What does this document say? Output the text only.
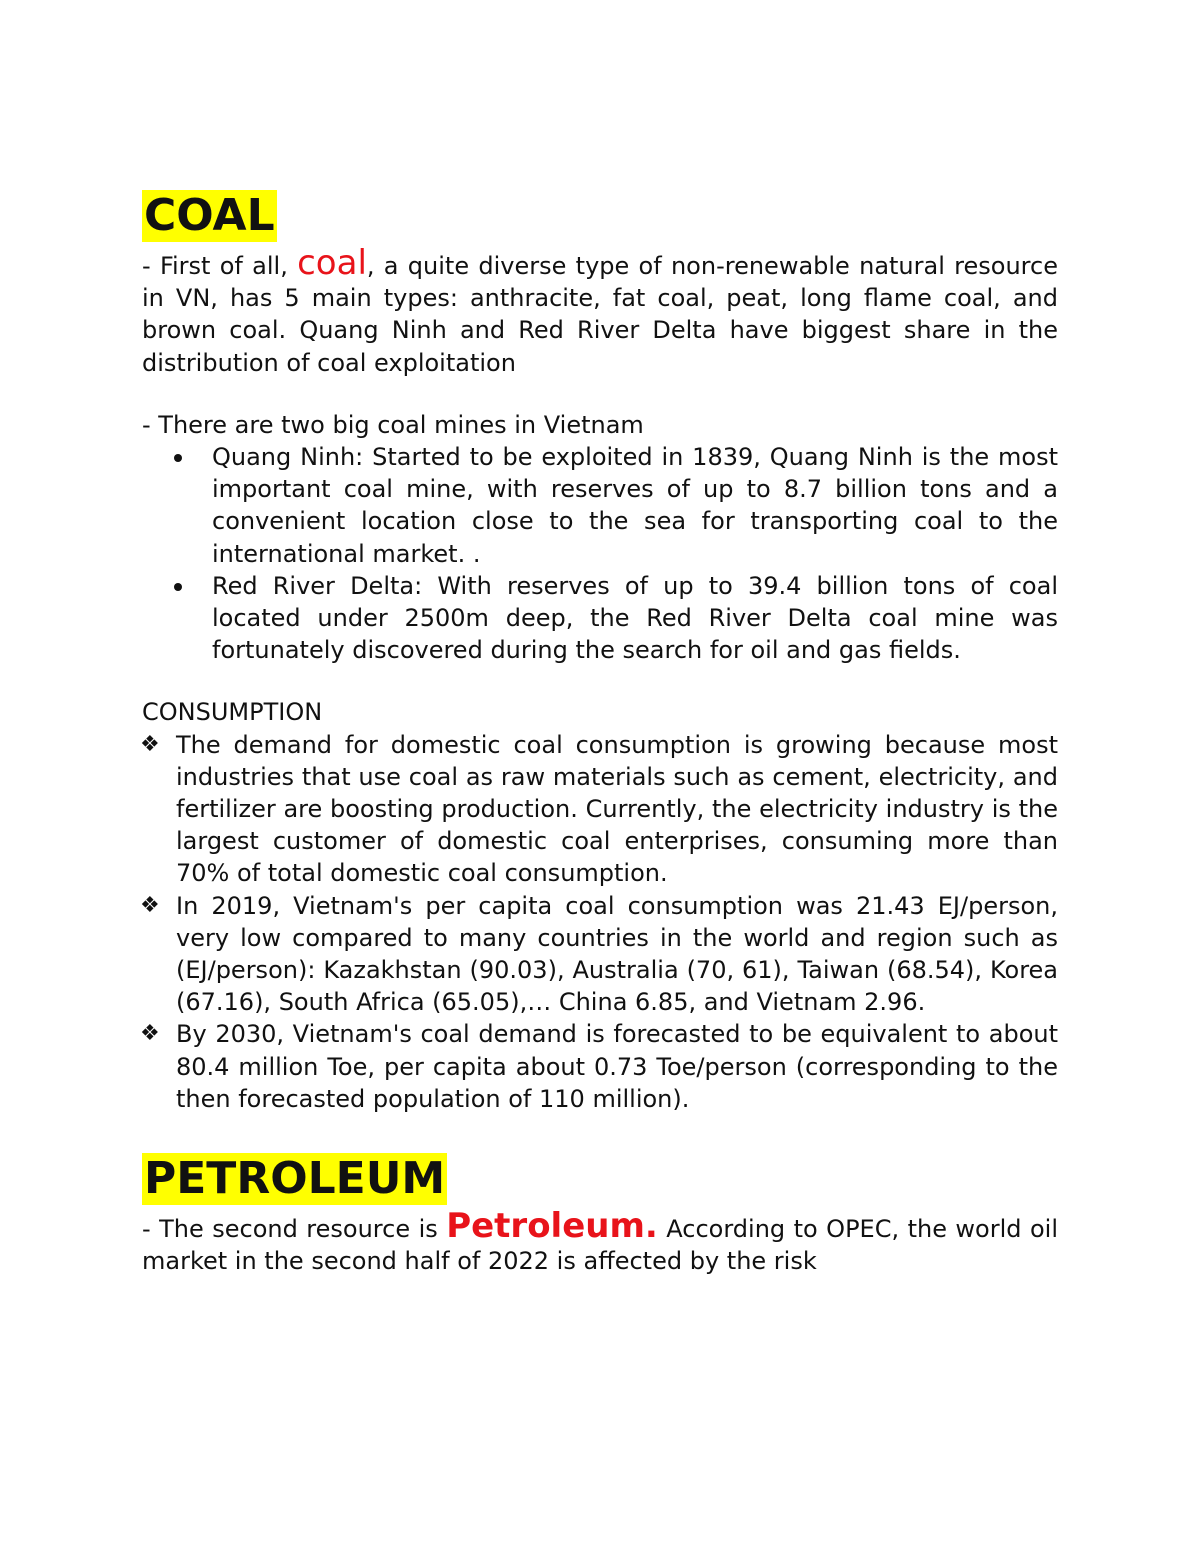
COAL

- First of all, coal, a quite diverse type of non-renewable natural resource in VN, has 5 main types: anthracite, fat coal, peat, long flame coal, and brown coal. Quang Ninh and Red River Delta have biggest share in the distribution of coal exploitation

- There are two big coal mines in Vietnam

Quang Ninh: Started to be exploited in 1839, Quang Ninh is the most important coal mine, with reserves of up to 8.7 billion tons and a convenient location close to the sea for transporting coal to the international market. .
Red River Delta: With reserves of up to 39.4 billion tons of coal located under 2500m deep, the Red River Delta coal mine was fortunately discovered during the search for oil and gas fields.

CONSUMPTION

❖ The demand for domestic coal consumption is growing because most industries that use coal as raw materials such as cement, electricity, and fertilizer are boosting production. Currently, the electricity industry is the largest customer of domestic coal enterprises, consuming more than 70% of total domestic coal consumption.
❖ In 2019, Vietnam's per capita coal consumption was 21.43 EJ/person, very low compared to many countries in the world and region such as (EJ/person): Kazakhstan (90.03), Australia (70, 61), Taiwan (68.54), Korea (67.16), South Africa (65.05),… China 6.85, and Vietnam 2.96.
❖ By 2030, Vietnam's coal demand is forecasted to be equivalent to about 80.4 million Toe, per capita about 0.73 Toe/person (corresponding to the then forecasted population of 110 million).
PETROLEUM

- The second resource is Petroleum. According to OPEC, the world oil market in the second half of 2022 is affected by the risk
